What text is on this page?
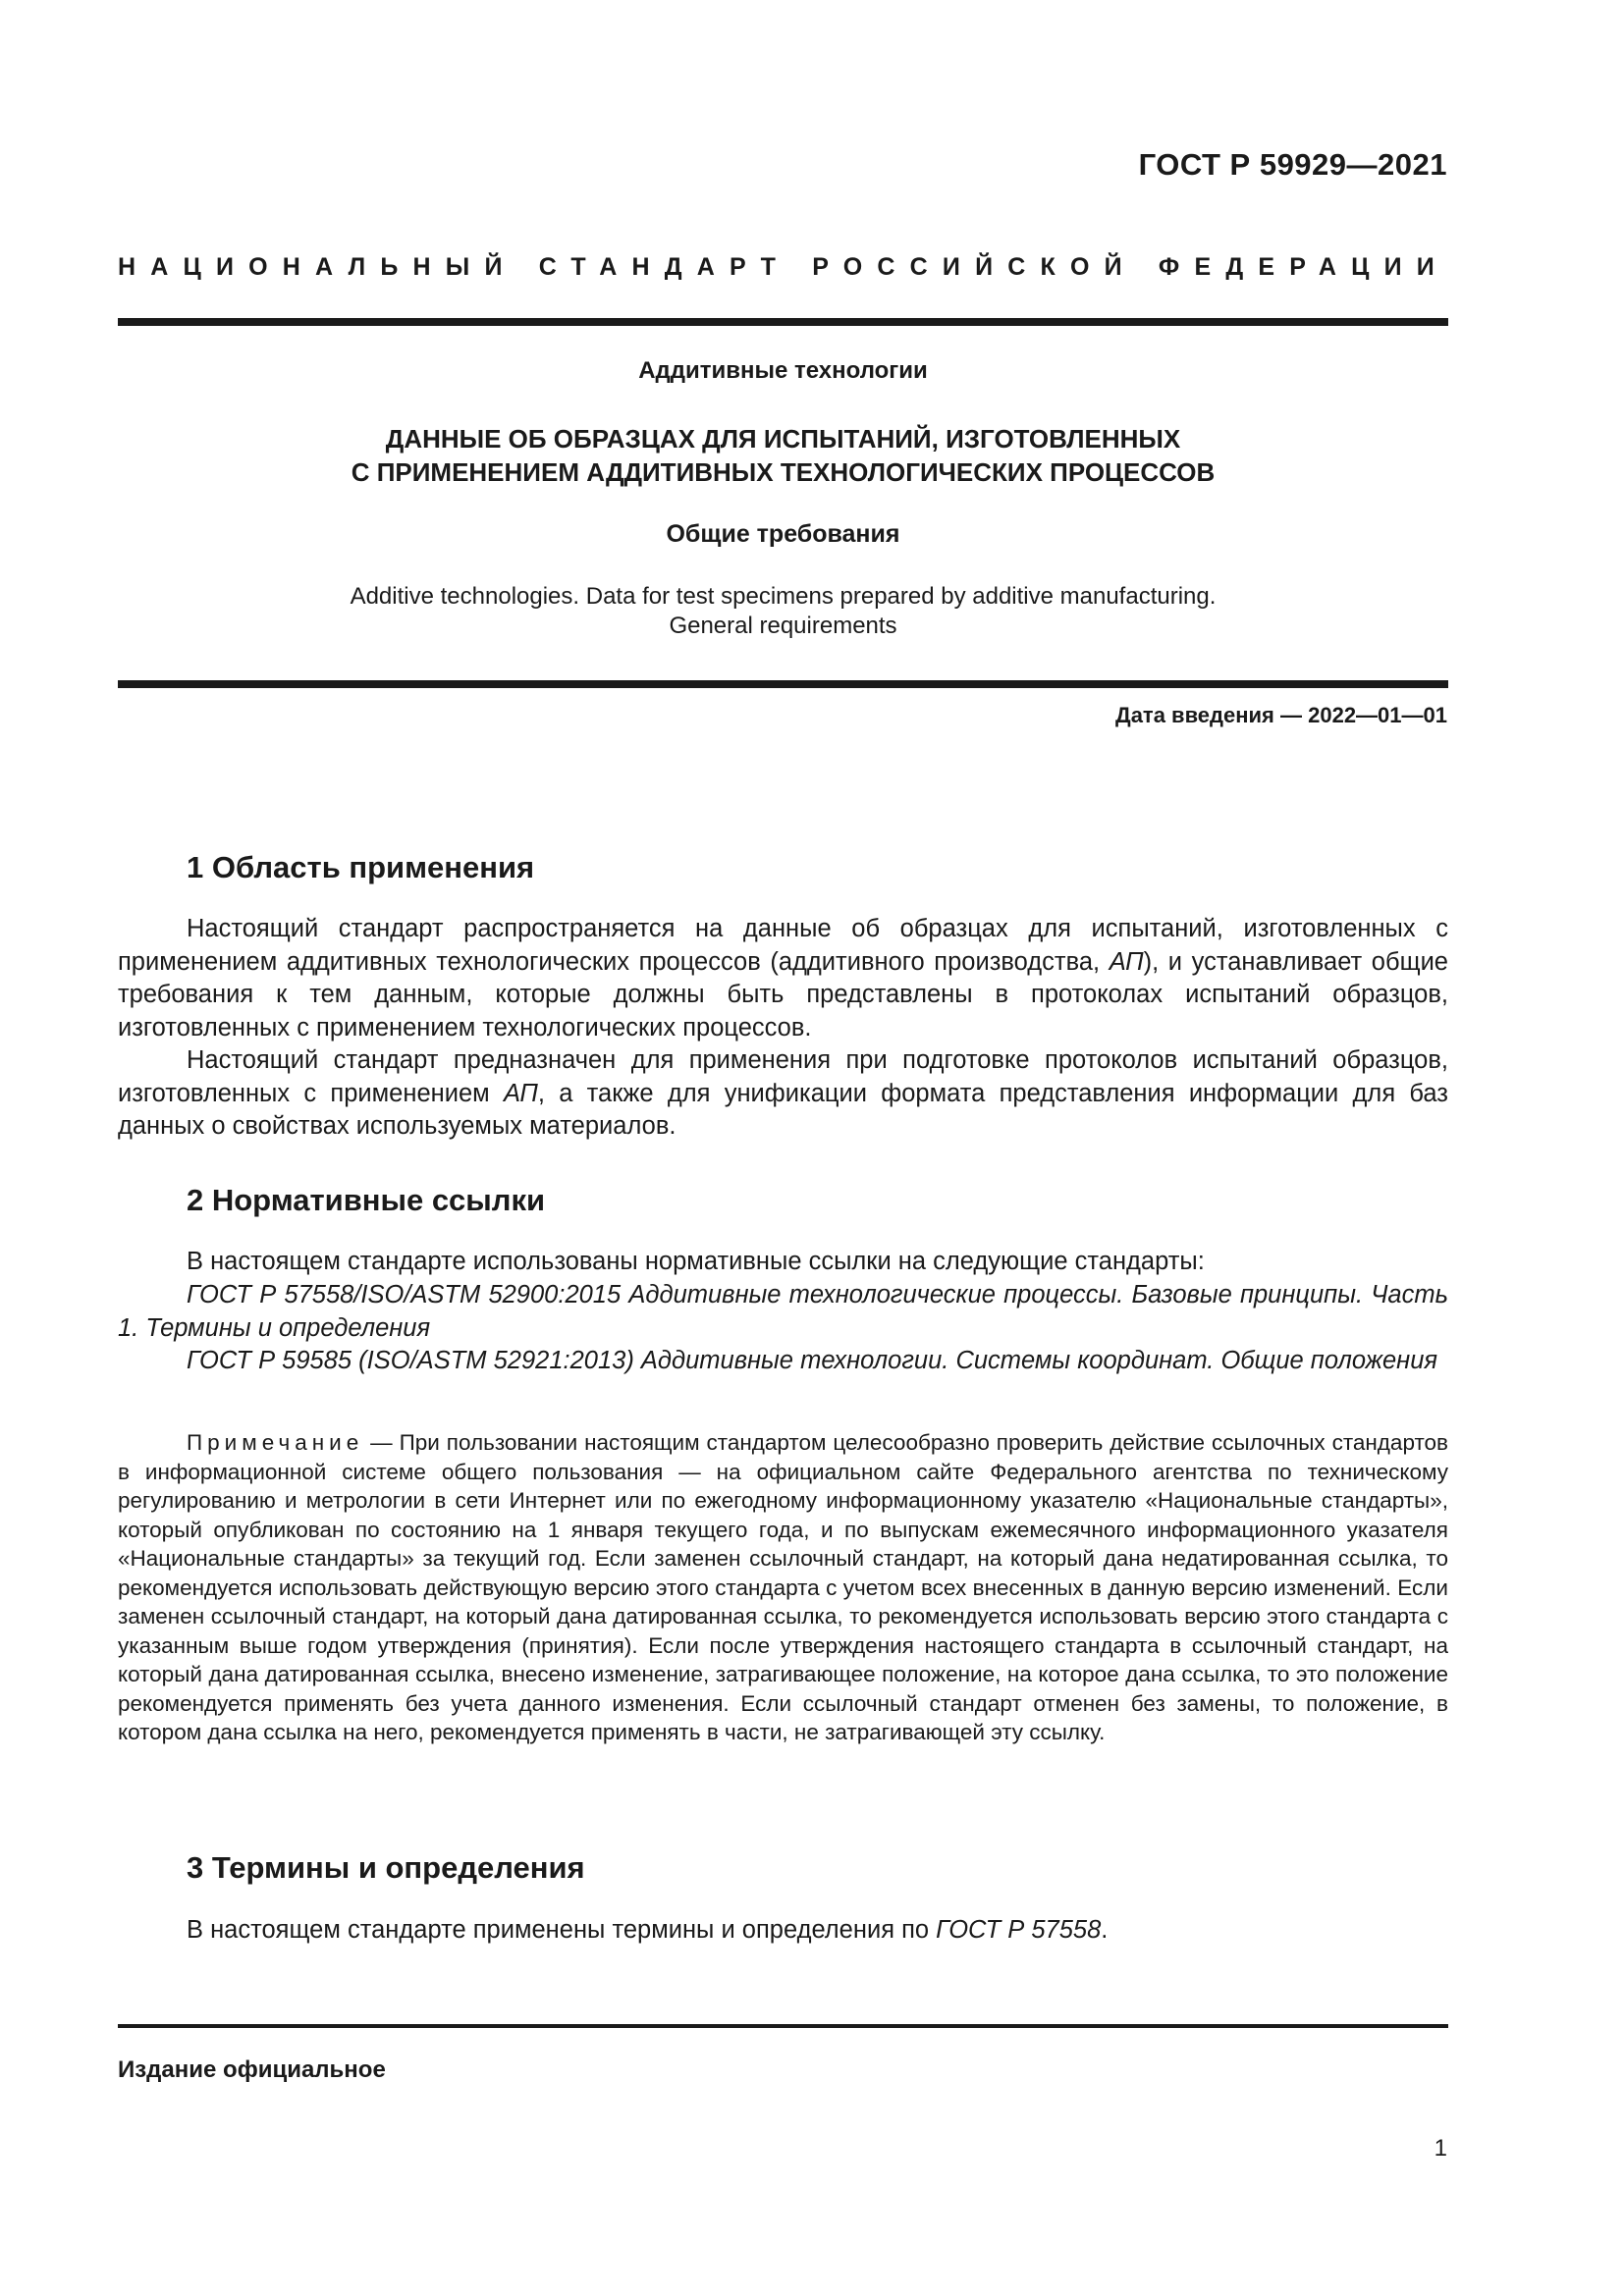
ГОСТ Р 59929—2021
НАЦИОНАЛЬНЫЙ СТАНДАРТ РОССИЙСКОЙ ФЕДЕРАЦИИ
Аддитивные технологии
ДАННЫЕ ОБ ОБРАЗЦАХ ДЛЯ ИСПЫТАНИЙ, ИЗГОТОВЛЕННЫХ
С ПРИМЕНЕНИЕМ АДДИТИВНЫХ ТЕХНОЛОГИЧЕСКИХ ПРОЦЕССОВ
Общие требования
Additive technologies. Data for test specimens prepared by additive manufacturing.
General requirements
Дата введения — 2022—01—01
1 Область применения

Настоящий стандарт распространяется на данные об образцах для испытаний, изготовленных с применением аддитивных технологических процессов (аддитивного производства, АП), и устанавливает общие требования к тем данным, которые должны быть представлены в протоколах испытаний образцов, изготовленных с применением технологических процессов.

Настоящий стандарт предназначен для применения при подготовке протоколов испытаний образцов, изготовленных с применением АП, а также для унификации формата представления информации для баз данных о свойствах используемых материалов.

2 Нормативные ссылки

В настоящем стандарте использованы нормативные ссылки на следующие стандарты:

ГОСТ Р 57558/ISO/ASTM 52900:2015 Аддитивные технологические процессы. Базовые принципы. Часть 1. Термины и определения

ГОСТ Р 59585 (ISO/ASTM 52921:2013) Аддитивные технологии. Системы координат. Общие положения

Примечание — При пользовании настоящим стандартом целесообразно проверить действие ссылочных стандартов в информационной системе общего пользования — на официальном сайте Федерального агентства по техническому регулированию и метрологии в сети Интернет или по ежегодному информационному указателю «Национальные стандарты», который опубликован по состоянию на 1 января текущего года, и по выпускам ежемесячного информационного указателя «Национальные стандарты» за текущий год. Если заменен ссылочный стандарт, на который дана недатированная ссылка, то рекомендуется использовать действующую версию этого стандарта с учетом всех внесенных в данную версию изменений. Если заменен ссылочный стандарт, на который дана датированная ссылка, то рекомендуется использовать версию этого стандарта с указанным выше годом утверждения (принятия). Если после утверждения настоящего стандарта в ссылочный стандарт, на который дана датированная ссылка, внесено изменение, затрагивающее положение, на которое дана ссылка, то это положение рекомендуется применять без учета данного изменения. Если ссылочный стандарт отменен без замены, то положение, в котором дана ссылка на него, рекомендуется применять в части, не затрагивающей эту ссылку.

3 Термины и определения

В настоящем стандарте применены термины и определения по ГОСТ Р 57558.

Издание официальное
1
